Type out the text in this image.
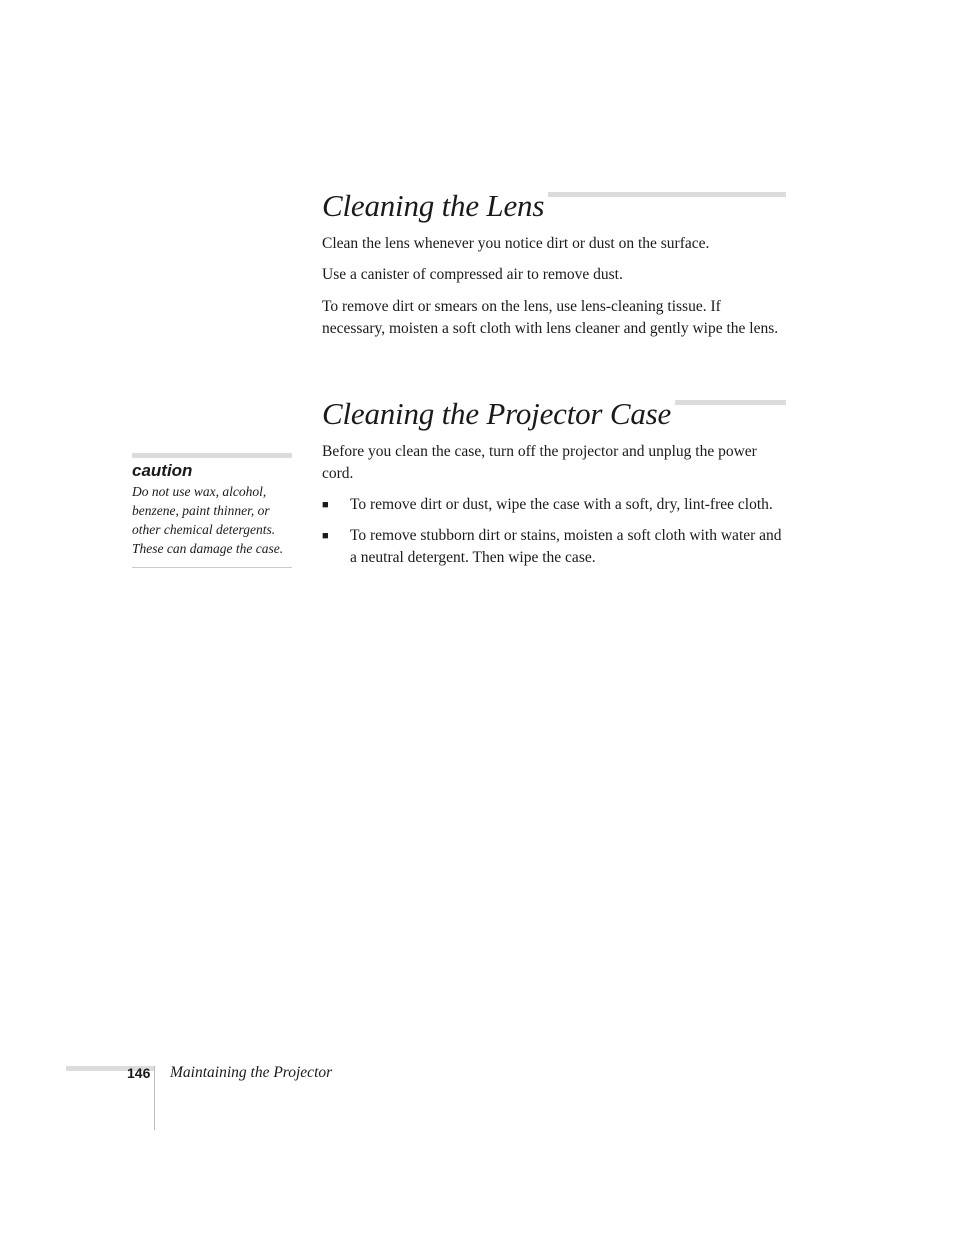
Cleaning the Lens

Clean the lens whenever you notice dirt or dust on the surface.

Use a canister of compressed air to remove dust.

To remove dirt or smears on the lens, use lens-cleaning tissue. If necessary, moisten a soft cloth with lens cleaner and gently wipe the lens.

Cleaning the Projector Case

Before you clean the case, turn off the projector and unplug the power cord.

■ To remove dirt or dust, wipe the case with a soft, dry, lint-free cloth.
■ To remove stubborn dirt or stains, moisten a soft cloth with water and a neutral detergent. Then wipe the case.

caution

Do not use wax, alcohol, benzene, paint thinner, or other chemical detergents. These can damage the case.

146 Maintaining the Projector
